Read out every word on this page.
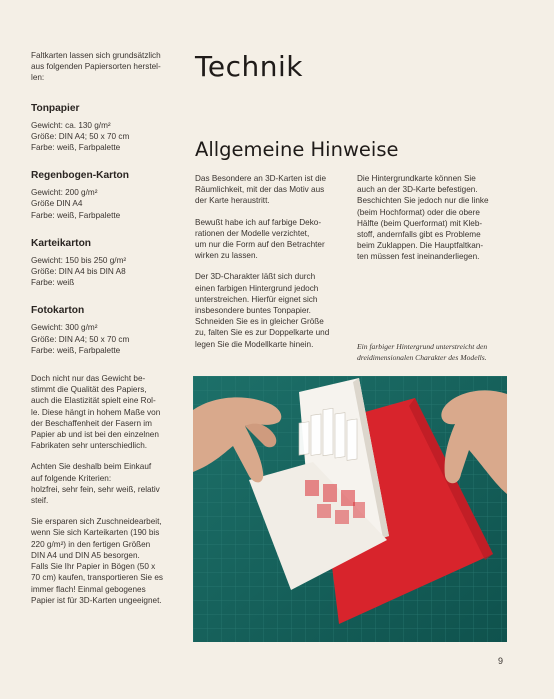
Faltkarten lassen sich grundsätzlich
aus folgenden Papiersorten herstel-
len:

Tonpapier
Gewicht: ca. 130 g/m²
Größe: DIN A4; 50 x 70 cm
Farbe: weiß, Farbpalette
Regenbogen-Karton
Gewicht: 200 g/m²
Größe DIN A4
Farbe: weiß, Farbpalette
Karteikarton
Gewicht: 150 bis 250 g/m²
Größe: DIN A4 bis DIN A8
Farbe: weiß
Fotokarton
Gewicht: 300 g/m²
Größe: DIN A4; 50 x 70 cm
Farbe: weiß, Farbpalette

Doch nicht nur das Gewicht be-
stimmt die Qualität des Papiers,
auch die Elastizität spielt eine Rol-
le. Diese hängt in hohem Maße von
der Beschaffenheit der Fasern im
Papier ab und ist bei den einzelnen
Fabrikaten sehr unterschiedlich.

Achten Sie deshalb beim Einkauf
auf folgende Kriterien:
holzfrei, sehr fein, sehr weiß, relativ
steif.

Sie ersparen sich Zuschneidearbeit,
wenn Sie sich Karteikarten (190 bis
220 g/m²) in den fertigen Größen
DIN A4 und DIN A5 besorgen.
Falls Sie Ihr Papier in Bögen (50 x
70 cm) kaufen, transportieren Sie es
immer flach! Einmal gebogenes
Papier ist für 3D-Karten ungeeignet.

Technik
Allgemeine Hinweise

Das Besondere an 3D-Karten ist die
Räumlichkeit, mit der das Motiv aus
der Karte heraustritt.

Bewußt habe ich auf farbige Deko-
rationen der Modelle verzichtet,
um nur die Form auf den Betrachter
wirken zu lassen.

Der 3D-Charakter läßt sich durch
einen farbigen Hintergrund jedoch
unterstreichen. Hierfür eignet sich
insbesondere buntes Tonpapier.
Schneiden Sie es in gleicher Größe
zu, falten Sie es zur Doppelkarte und
legen Sie die Modellkarte hinein.

Die Hintergrundkarte können Sie
auch an der 3D-Karte befestigen.
Beschichten Sie jedoch nur die linke
(beim Hochformat) oder die obere
Hälfte (beim Querformat) mit Kleb-
stoff, andernfalls gibt es Probleme
beim Zuklappen. Die Hauptfaltkan-
ten müssen fest ineinanderliegen.

Ein farbiger Hintergrund unterstreicht den
dreidimensionalen Charakter des Modells.

9
